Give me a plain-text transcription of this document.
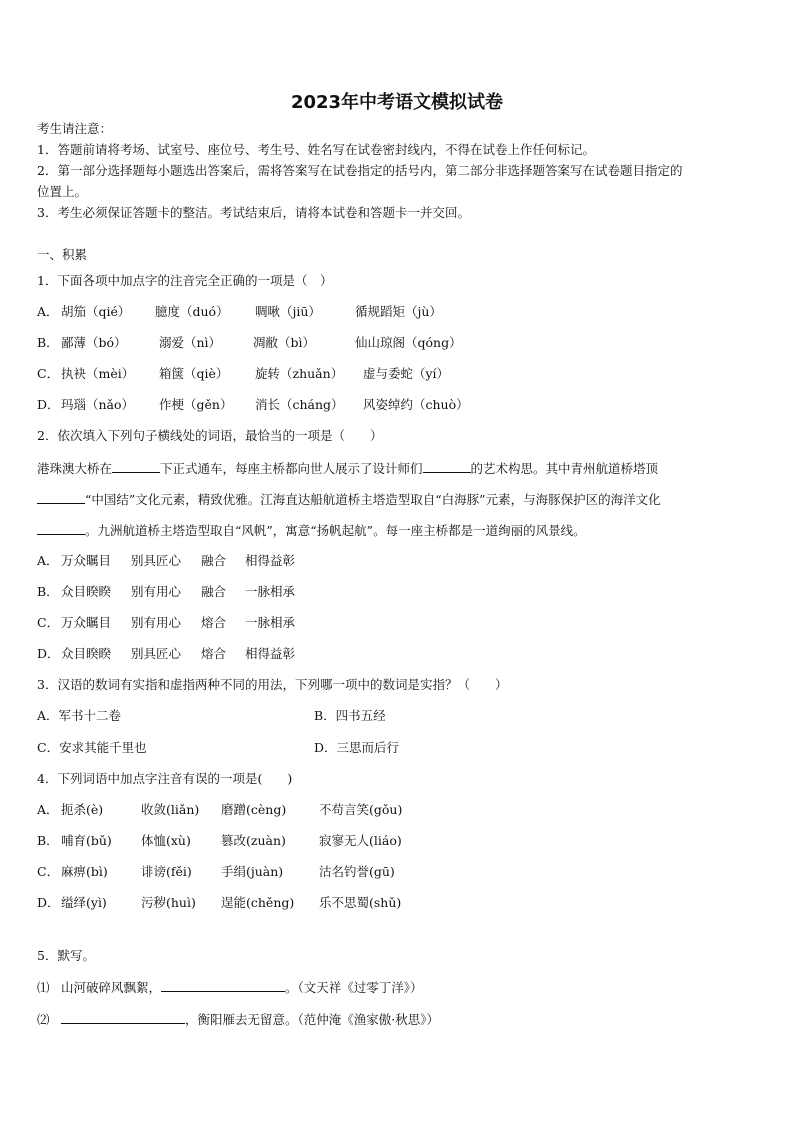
2023年中考语文模拟试卷
考生请注意：
1．答题前请将考场、试室号、座位号、考生号、姓名写在试卷密封线内，不得在试卷上作任何标记。
2．第一部分选择题每小题选出答案后，需将答案写在试卷指定的括号内，第二部分非选择题答案写在试卷题目指定的
位置上。
3．考生必须保证答题卡的整洁。考试结束后，请将本试卷和答题卡一并交回。
一、积累
1．下面各项中加点字的注音完全正确的一项是（　）
A． 胡笳（qié） 臆度（duó） 啁啾（jiū）	循规蹈矩（jù）
B． 鄙薄（bó）	溺爱（nì）	凋敝（bì）	仙山琼阁（qóng）
C． 执袂（mèi） 箱箧（qiè） 旋转（zhuǎn） 虚与委蛇（yí）
D．玛瑙（nǎo） 作梗（gěn） 消长（cháng） 风姿绰约（chuò）
2．依次填入下列句子横线处的词语，最恰当的一项是（　　）
港珠澳大桥在	下正式通车，每座主桥都向世人展示了设计师们	的艺术构思。其中青州航道桥塔顶
“中国结”文化元素，精致优雅。江海直达船航道桥主塔造型取自“白海豚”元素，与海豚保护区的海洋文化
。九洲航道桥主塔造型取自“风帆”，寓意“扬帆起航”。每一座主桥都是一道绚丽的风景线。
A． 万众瞩目 别具匠心 融合 相得益彰
B． 众目睽睽 别有用心 融合 一脉相承
C． 万众瞩目 别有用心 熔合 一脉相承
D．众目睽睽 别具匠心 熔合 相得益彰
3．汉语的数词有实指和虚指两种不同的用法，下列哪一项中的数词是实指？（　　）
A．军书十二卷	B．四书五经
C．安求其能千里也	D．三思而后行
4．下列词语中加点字注音有误的一项是(　　)
A． 扼杀(è)	收敛(liǎn) 磨蹭(cèng)	不苟言笑(gǒu)
B． 哺育(bǔ) 体恤(xù) 篡改(zuàn)	寂寥无人(liáo)
C． 麻痹(bì)	诽谤(fěi) 手绢(juàn)	沽名钓誉(gū)
D．缢绎(yì)	污秽(huì) 逞能(chěng) 乐不思蜀(shǔ)
5．默写。
⑴ 山河破碎风飘絮，	。（文天祥《过零丁洋》）
⑵	，衡阳雁去无留意。（范仲淹《渔家傲·秋思》）
